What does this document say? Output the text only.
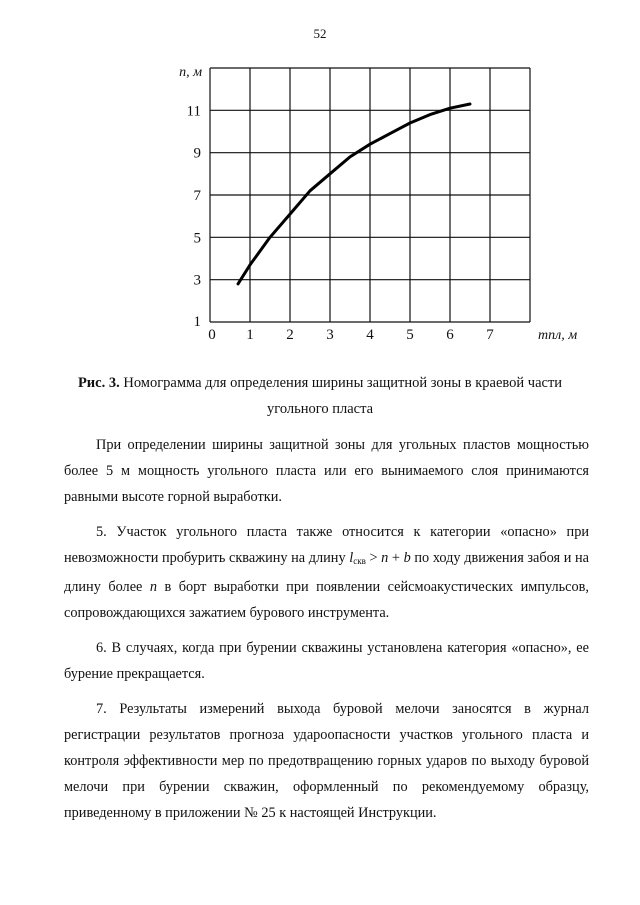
52
0 1 2 3 4 5 6 7
1
3
5
7
9
11
n, м
mпл, м
Рис. 3. Номограмма для определения ширины защитной зоны в краевой части угольного пласта

При определении ширины защитной зоны для угольных пластов мощностью более 5 м мощность угольного пласта или его вынимаемого слоя принимаются равными высоте горной выработки.

5. Участок угольного пласта также относится к категории «опасно» при невозможности пробурить скважину на длину $l_{скв} > n + b$ по ходу движения забоя и на длину более n в борт выработки при появлении сейсмоакустических импульсов, сопровождающихся зажатием бурового инструмента.

6. В случаях, когда при бурении скважины установлена категория «опасно», ее бурение прекращается.

7. Результаты измерений выхода буровой мелочи заносятся в журнал регистрации результатов прогноза удароопасности участков угольного пласта и контроля эффективности мер по предотвращению горных ударов по выходу буровой мелочи при бурении скважин, оформленный по рекомендуемому образцу, приведенному в приложении № 25 к настоящей Инструкции.
